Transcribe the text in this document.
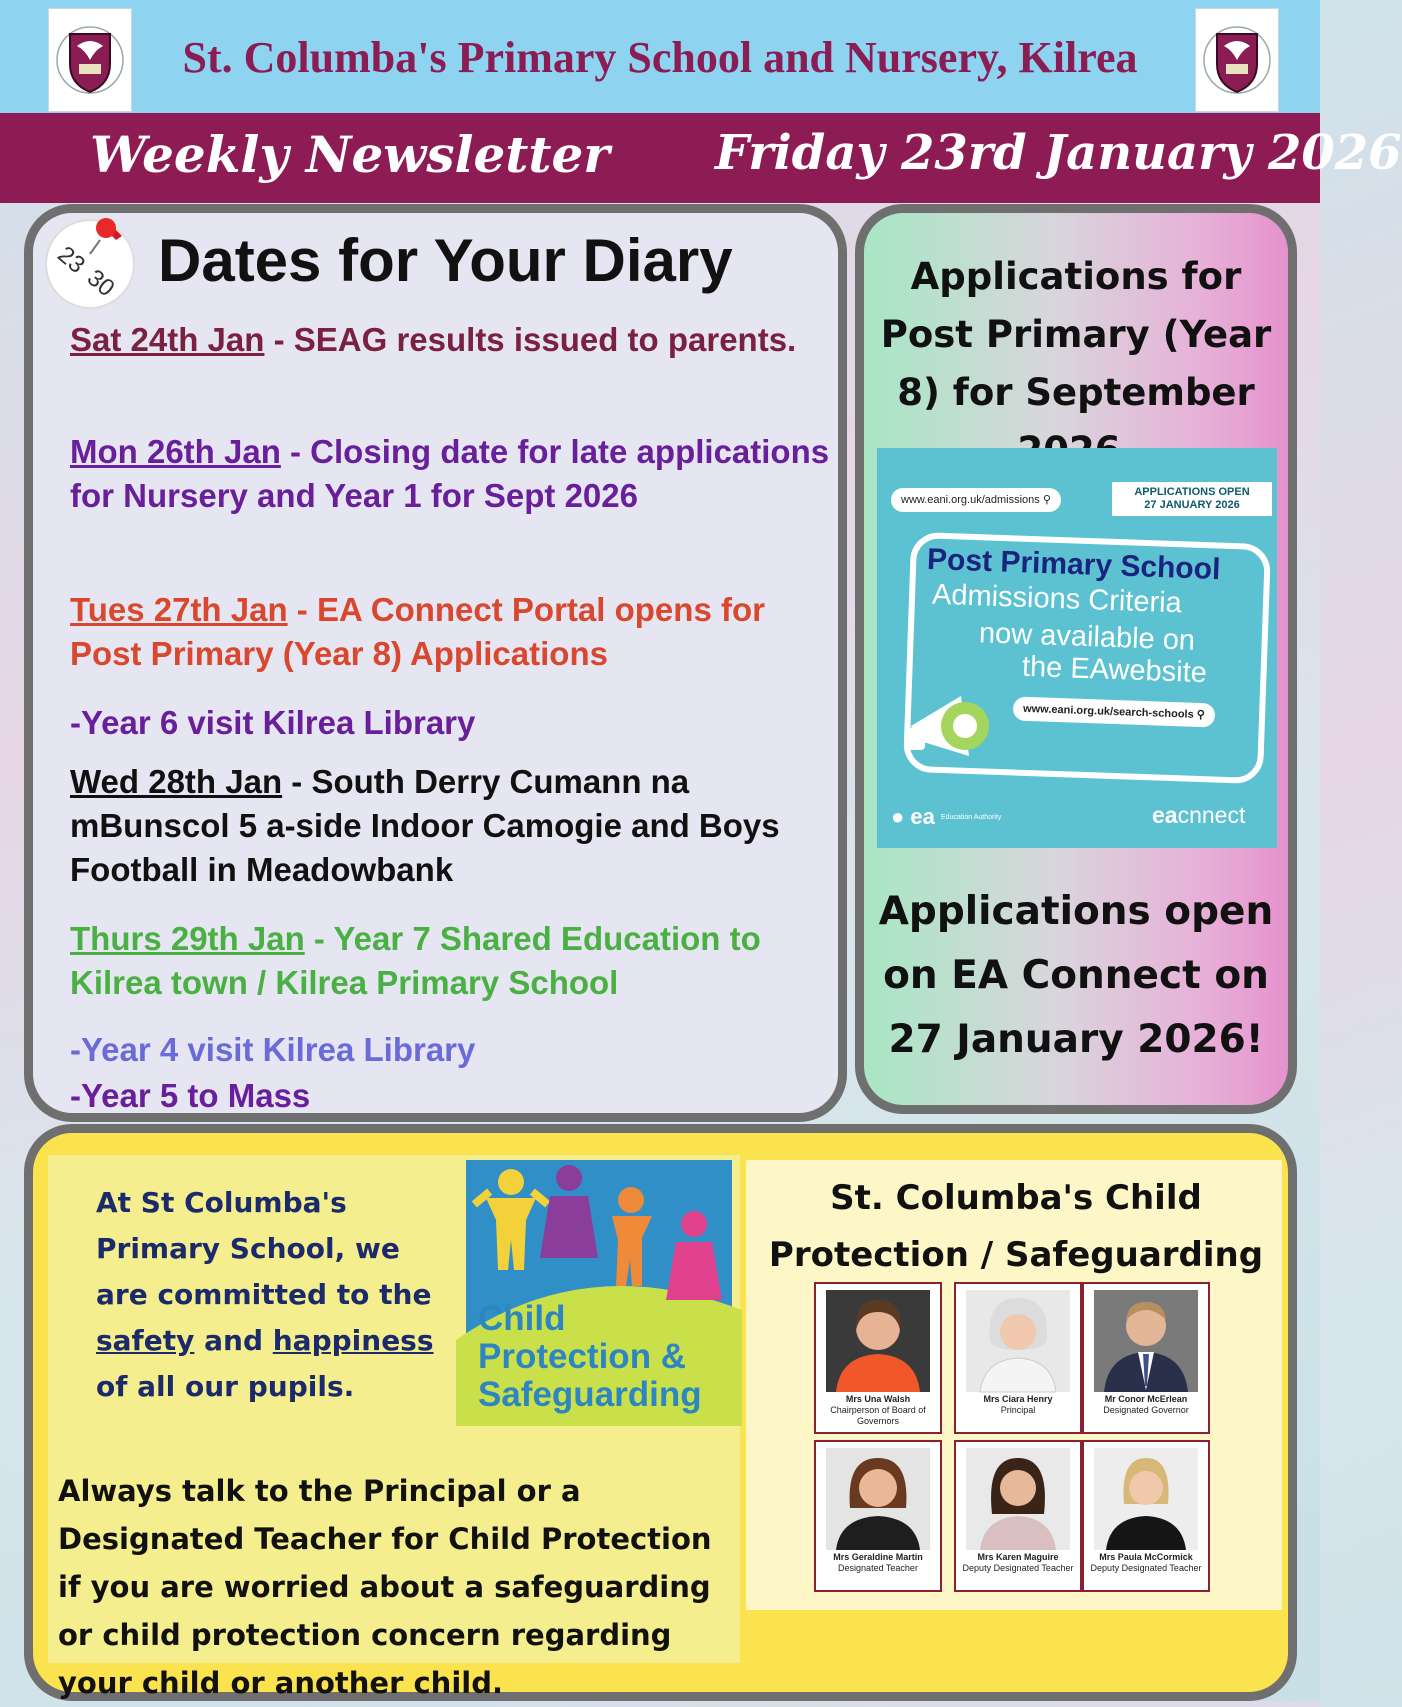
St. Columba's Primary School and Nursery, Kilrea
Weekly Newsletter Friday 23rd January 2026
23
30 Dates for Your Diary
Sat 24th Jan - SEAG results issued to parents.
Mon 26th Jan - Closing date for late applications for Nursery and Year 1 for Sept 2026
Tues 27th Jan - EA Connect Portal opens for Post Primary (Year 8) Applications
-Year 6 visit Kilrea Library
Wed 28th Jan - South Derry Cumann na mBunscol 5 a-side Indoor Camogie and Boys Football in Meadowbank
Thurs 29th Jan - Year 7 Shared Education to Kilrea town / Kilrea Primary School
-Year 4 visit Kilrea Library
-Year 5 to Mass
Applications for Post Primary (Year 8) for September
www.eani.org.uk/admissions ⚲
APPLICATIONS OPEN
27 JANUARY 2026
Post Primary School
Admissions Criteria
now available on
the EAwebsite
www.eani.org.uk/search-schools ⚲
● ea Education Authority	eacnnect
Applications open on EA Connect on 27 January 2026!
At St Columba's Primary School, we are committed to the safety and happiness of all our pupils.
Child
Protection &
Safeguarding
Always talk to the Principal or a Designated Teacher for Child Protection if you are worried about a safeguarding or child protection concern regarding your child or another child.
St. Columba's Child Protection / Safeguarding
Mrs Una Walsh
Chairperson of Board of Governors
Mrs Ciara Henry
Principal
Mr Conor McErlean
Designated Governor
Mrs Geraldine Martin
Designated Teacher
Mrs Karen Maguire
Deputy Designated Teacher
Mrs Paula McCormick
Deputy Designated Teacher
